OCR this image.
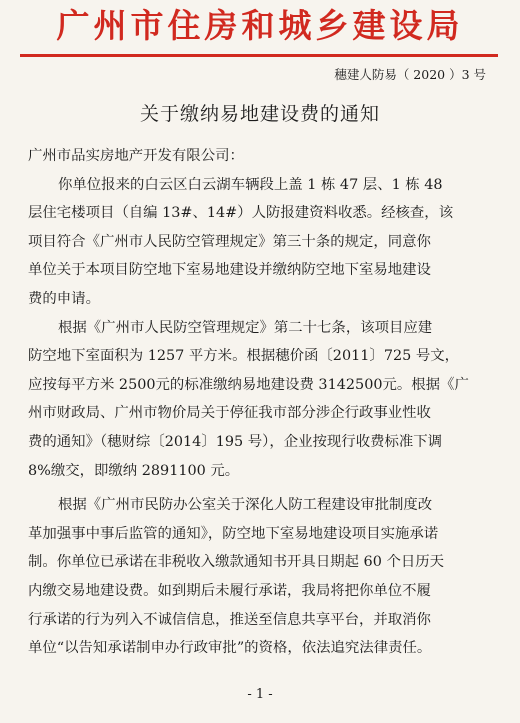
广州市住房和城乡建设局
穗建人防易（ 2020 ）3 号
关于缴纳易地建设费的通知
广州市品实房地产开发有限公司：
你单位报来的白云区白云湖车辆段上盖 1 栋 47 层、1 栋 48
层住宅楼项目（自编 13#、14#）人防报建资料收悉。经核查，该
项目符合《广州市人民防空管理规定》第三十条的规定，同意你
单位关于本项目防空地下室易地建设并缴纳防空地下室易地建设
费的申请。
根据《广州市人民防空管理规定》第二十七条，该项目应建
防空地下室面积为 1257 平方米。根据穗价函〔2011〕725 号文，
应按每平方米 2500元的标准缴纳易地建设费 3142500元。根据《广
州市财政局、广州市物价局关于停征我市部分涉企行政事业性收
费的通知》（穗财综〔2014〕195 号），企业按现行收费标准下调
8%缴交，即缴纳 2891100 元。
根据《广州市民防办公室关于深化人防工程建设审批制度改
革加强事中事后监管的通知》，防空地下室易地建设项目实施承诺
制。你单位已承诺在非税收入缴款通知书开具日期起 60 个日历天
内缴交易地建设费。如到期后未履行承诺，我局将把你单位不履
行承诺的行为列入不诚信信息，推送至信息共享平台，并取消你
单位“以告知承诺制申办行政审批”的资格，依法追究法律责任。
- 1 -
